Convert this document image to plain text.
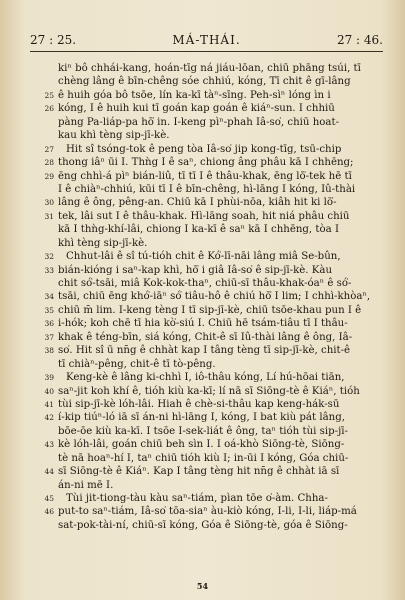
27 : 25.	MÁ-THÁI.	27 : 46.
kiⁿ bô chhái-kang, hoán-tīg ná jiáu-lōan, chiū phāng tsúi, tī
chèng lâng ê bīn-chêng sóe chhiú, kóng, Tī chit ê gī-lâng
25 ê huih góa bô tsōe, lín ka-kī tàⁿ-sīng. Peh-sìⁿ lóng ìn i
26 kóng, I ê huih kui tī goán kap goán ê kiáⁿ-sun. I chhiū
pàng Pa-liáp-pa hō͘ in. I-keng pìⁿ-phah Iâ-so͘, chiū hoat-
kau khì tèng sip-jī-kè.
27 Hit sî tsóng-tok ê peng tòa Iâ-so͘ jip kong-tīg, tsū-chip
28 thong iâⁿ ūi I. Thǹg I ê saⁿ, chiong âng phâu kā I chhēng;
29 ēng chhì-á pìⁿ bián-liû, tī tī I ê thâu-khak, ēng lō͘-tek hē tī
I ê chiàⁿ-chhiú, kūi tī I ê bīn-chêng, hì-lāng I kóng, Iû-thài
30 lâng ê ông, pêng-an. Chiū kā I phùi-nōa, kiâh hit ki lō͘-
31 tek, lâi sut I ê thâu-khak. Hì-lāng soah, hit niá phâu chiū
kā I thǹg-khí-lâi, chiong I ka-kī ê saⁿ kā I chhēng, tòa I
khì tèng sip-jī-kè.
32 Chhut-lâi ê sî tú-tióh chit ê Kó͘-lī-nāi lâng miâ Se-bûn,
33 bián-kióng i saⁿ-kap khì, hō͘ i giâ Iâ-so͘ ê sip-jī-kè. Kàu
chit só͘-tsāi, miâ Kok-kok-thaⁿ, chiū-sī thâu-khak-óaⁿ ê só͘-
34 tsāi, chiū ēng khó͘-iāⁿ só͘ tiâu-hô ê chiú hō͘ I lim; I chhì-khòaⁿ,
35 chiū m̄ lim. I-keng tèng I tī sip-jī-kè, chiū tsōe-khau pun I ê
36 i-hók; koh chē tī hia kò͘-siú I. Chiū hē tsám-tiâu tī I thâu-
37 khak ê téng-bīn, siá kóng, Chit-ê sī Iû-thài lâng ê ông, Iâ-
38 so͘. Hit sî ū nn̄g ê chhàt kap I tâng tèng tī sip-jī-kè, chit-ê
tī chiàⁿ-pêng, chit-ê tī tò-pêng.
39 Keng-kè ê lâng ki-chhì I, iô-thâu kóng, Lí hú-hōai tiān,
40 saⁿ-jit koh khí ê, tióh kiù ka-kī; lí nā sī Siōng-tè ê Kiáⁿ, tióh
41 tùi sip-jī-kè lóh-lâi. Hiah ê chè-si-thâu kap keng-hák-sū
42 í-kip tiúⁿ-ló iā sī án-ni hì-lāng I, kóng, I bat kiù pát lâng,
bōe-ōe kiù ka-kī. I tsōe I-sek-liát ê ông, taⁿ tióh tùi sip-jī-
43 kè lóh-lâi, goán chiū beh sìn I. I oá-khò Siōng-tè, Siōng-
tè nā hoaⁿ-hí I, taⁿ chiū tióh kiù I; in-ūi I kóng, Góa chiū-
44 sī Siōng-tè ê Kiáⁿ. Kap I tâng tèng hit nn̄g ê chhàt iā sī
án-ni mē I.
45 Tùi jit-tiong-tàu kàu saⁿ-tiám, pìan tōe o͘-àm. Chha-
46 put-to saⁿ-tiám, Iâ-so͘ tōa-siaⁿ àu-kiò kóng, I-li, I-li, liáp-má
sat-pok-tài-ní, chiū-sī kóng, Góa ê Siōng-tè, góa ê Siōng-
54
